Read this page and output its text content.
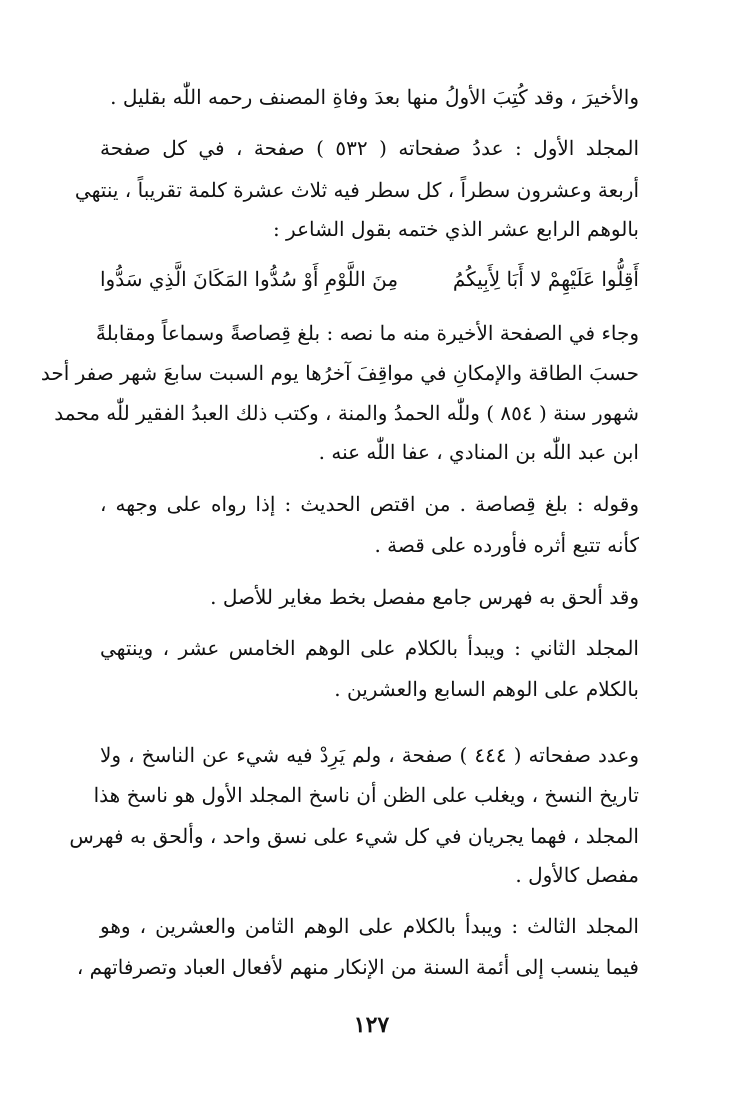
والأخيرَ ، وقد كُتِبَ الأولُ منها بعدَ وفاةِ المصنف رحمه اللّٰه بقليل .
المجلد الأول : عددُ صفحاته ( ٥٣٢ ) صفحة ، في كل صفحة
أربعة وعشرون سطراً ، كل سطر فيه ثلاث عشرة كلمة تقريباً ، ينتهي
بالوهم الرابع عشر الذي ختمه بقول الشاعر :
أَقِلُّوا عَلَيْهِمْ لا أَبَا لِأَبِيكُمُ
مِنَ اللَّوْمِ أَوْ سُدُّوا المَكَانَ الَّذِي سَدُّوا
وجاء في الصفحة الأخيرة منه ما نصه : بلغ قِصاصةً وسماعاً ومقابلةً
حسبَ الطاقة والإمكانِ في مواقِفَ آخرُها يوم السبت سابعَ شهر صفر أحد
شهور سنة ( ٨٥٤ ) وللّٰه الحمدُ والمنة ، وكتب ذلك العبدُ الفقير للّٰه محمد
ابن عبد اللّٰه بن المنادي ، عفا اللّٰه عنه .
وقوله : بلغ قِصاصة . من اقتص الحديث : إذا رواه على وجهه ،
كأنه تتبع أثره فأورده على قصة .
وقد ألحق به فهرس جامع مفصل بخط مغاير للأصل .
المجلد الثاني : ويبدأ بالكلام على الوهم الخامس عشر ، وينتهي
بالكلام على الوهم السابع والعشرين .
وعدد صفحاته ( ٤٤٤ ) صفحة ، ولم يَرِدْ فيه شيء عن الناسخ ، ولا
تاريخ النسخ ، ويغلب على الظن أن ناسخ المجلد الأول هو ناسخ هذا
المجلد ، فهما يجريان في كل شيء على نسق واحد ، وألحق به فهرس
مفصل كالأول .
المجلد الثالث : ويبدأ بالكلام على الوهم الثامن والعشرين ، وهو
فيما ينسب إلى أئمة السنة من الإنكار منهم لأفعال العباد وتصرفاتهم ،
١٢٧
